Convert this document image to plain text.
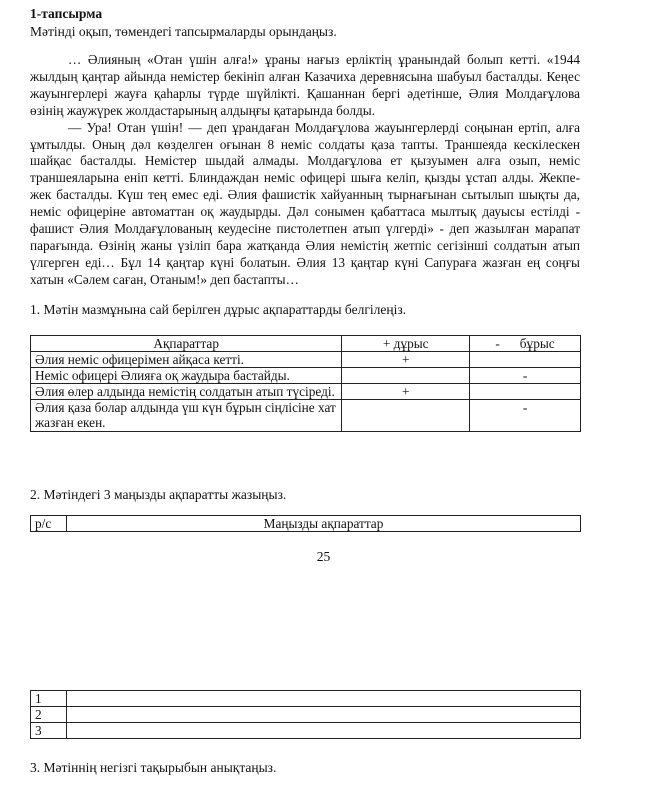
1-тапсырма
Мәтінді оқып, төмендегі тапсырмаларды орындаңыз.

… Әлияның «Отан үшін алға!» ұраны нағыз ерліктің ұранындай болып кетті. «1944 жылдың қаңтар айында немістер бекініп алған Казачиха деревнясына шабуыл басталды. Кеңес жауынгерлері жауға қаһарлы түрде шүйлікті. Қашаннан бергі әдетінше, Әлия Молдағұлова өзінің жаужүрек жолдастарының алдыңғы қатарында болды.

— Ура! Отан үшін! — деп ұрандаған Молдағұлова жауынгерлерді соңынан ертіп, алға ұмтылды. Оның дәл көзделген оғынан 8 неміс солдаты қаза тапты. Траншеяда кескілескен шайқас басталды. Немістер шыдай алмады. Молдағұлова ет қызуымен алға озып, неміс траншеяларына еніп кетті. Блиндаждан неміс офицері шыға келіп, қызды ұстап алды. Жекпе-жек басталды. Күш тең емес еді. Әлия фашистік хайуанның тырнағынан сытылып шықты да, неміс офицеріне автоматтан оқ жаудырды. Дәл сонымен қабаттаса мылтық дауысы естілді - фашист Әлия Молдағұлованың кеудесіне пистолетпен атып үлгерді» - деп жазылған марапат парағында. Өзінің жаны үзіліп бара жатқанда Әлия немістің жетпіс сегізінші солдатын атып үлгерген еді… Бұл 14 қаңтар күні болатын. Әлия 13 қаңтар күні Сапураға жазған ең соңғы хатын «Сәлем саған, Отаным!» деп бастапты…

1. Мәтін мазмұнына сай берілген дұрыс ақпараттарды белгілеңіз.
Ақпараттар	+ дұрыс	-      бұрыс
Әлия неміс офицерімен айқаса кетті.	+	
Неміс офицері Әлияға оқ жаудыра бастайды.		-
Әлия өлер алдында немістің солдатын атып түсіреді.	+	
Әлия қаза болар алдында үш күн бұрын сіңлісіне хат жазған екен.		-
2. Мәтіндегі 3 маңызды ақпаратты жазыңыз.
р/с	Маңызды ақпараттар
25
1	
2	
3	
3. Мәтіннің негізгі тақырыбын анықтаңыз.
